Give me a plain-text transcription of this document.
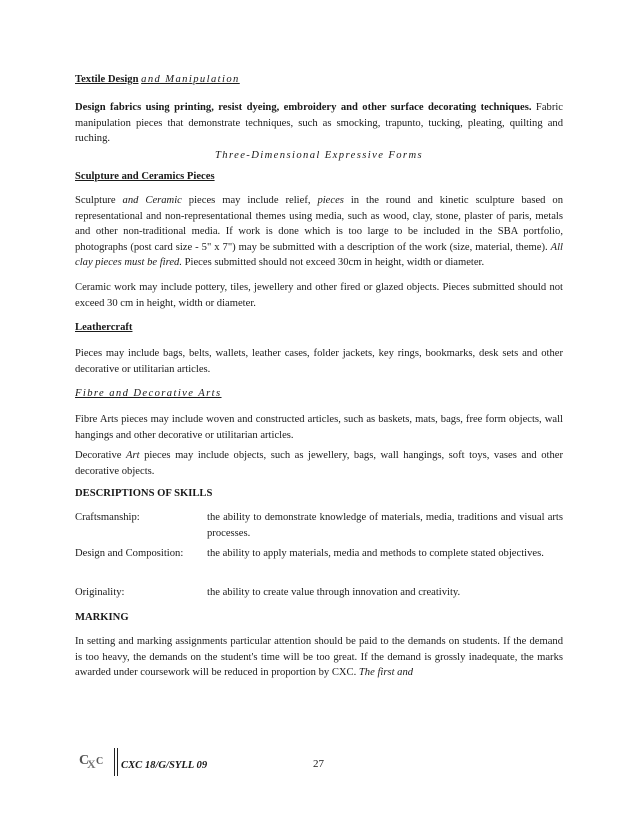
Textile Design and Manipulation

Design fabrics using printing, resist dyeing, embroidery and other surface decorating techniques. Fabric manipulation pieces that demonstrate techniques, such as smocking, trapunto, tucking, pleating, quilting and ruching.

Three-Dimensional Expressive Forms

Sculpture and Ceramics Pieces

Sculpture and Ceramic pieces may include relief, pieces in the round and kinetic sculpture based on representational and non-representational themes using media, such as wood, clay, stone, plaster of paris, metals and other non-traditional media. If work is done which is too large to be included in the SBA portfolio, photographs (post card size - 5" x 7") may be submitted with a description of the work (size, material, theme). All clay pieces must be fired. Pieces submitted should not exceed 30cm in height, width or diameter.

Ceramic work may include pottery, tiles, jewellery and other fired or glazed objects. Pieces submitted should not exceed 30 cm in height, width or diameter.

Leathercraft

Pieces may include bags, belts, wallets, leather cases, folder jackets, key rings, bookmarks, desk sets and other decorative or utilitarian articles.

Fibre and Decorative Arts

Fibre Arts pieces may include woven and constructed articles, such as baskets, mats, bags, free form objects, wall hangings and other decorative or utilitarian articles.

Decorative Art pieces may include objects, such as jewellery, bags, wall hangings, soft toys, vases and other decorative objects.

DESCRIPTIONS OF SKILLS

Craftsmanship:	the ability to demonstrate knowledge of materials, media, traditions and visual arts processes.
Design and Composition: the ability to apply materials, media and methods to complete stated objectives.
Originality:	the ability to create value through innovation and creativity.

MARKING

In setting and marking assignments particular attention should be paid to the demands on students. If the demand is too heavy, the demands on the student's time will be too great. If the demand is grossly inadequate, the marks awarded under coursework will be reduced in proportion by CXC. The first and

C
X C CXC 18/G/SYLL 09	27
